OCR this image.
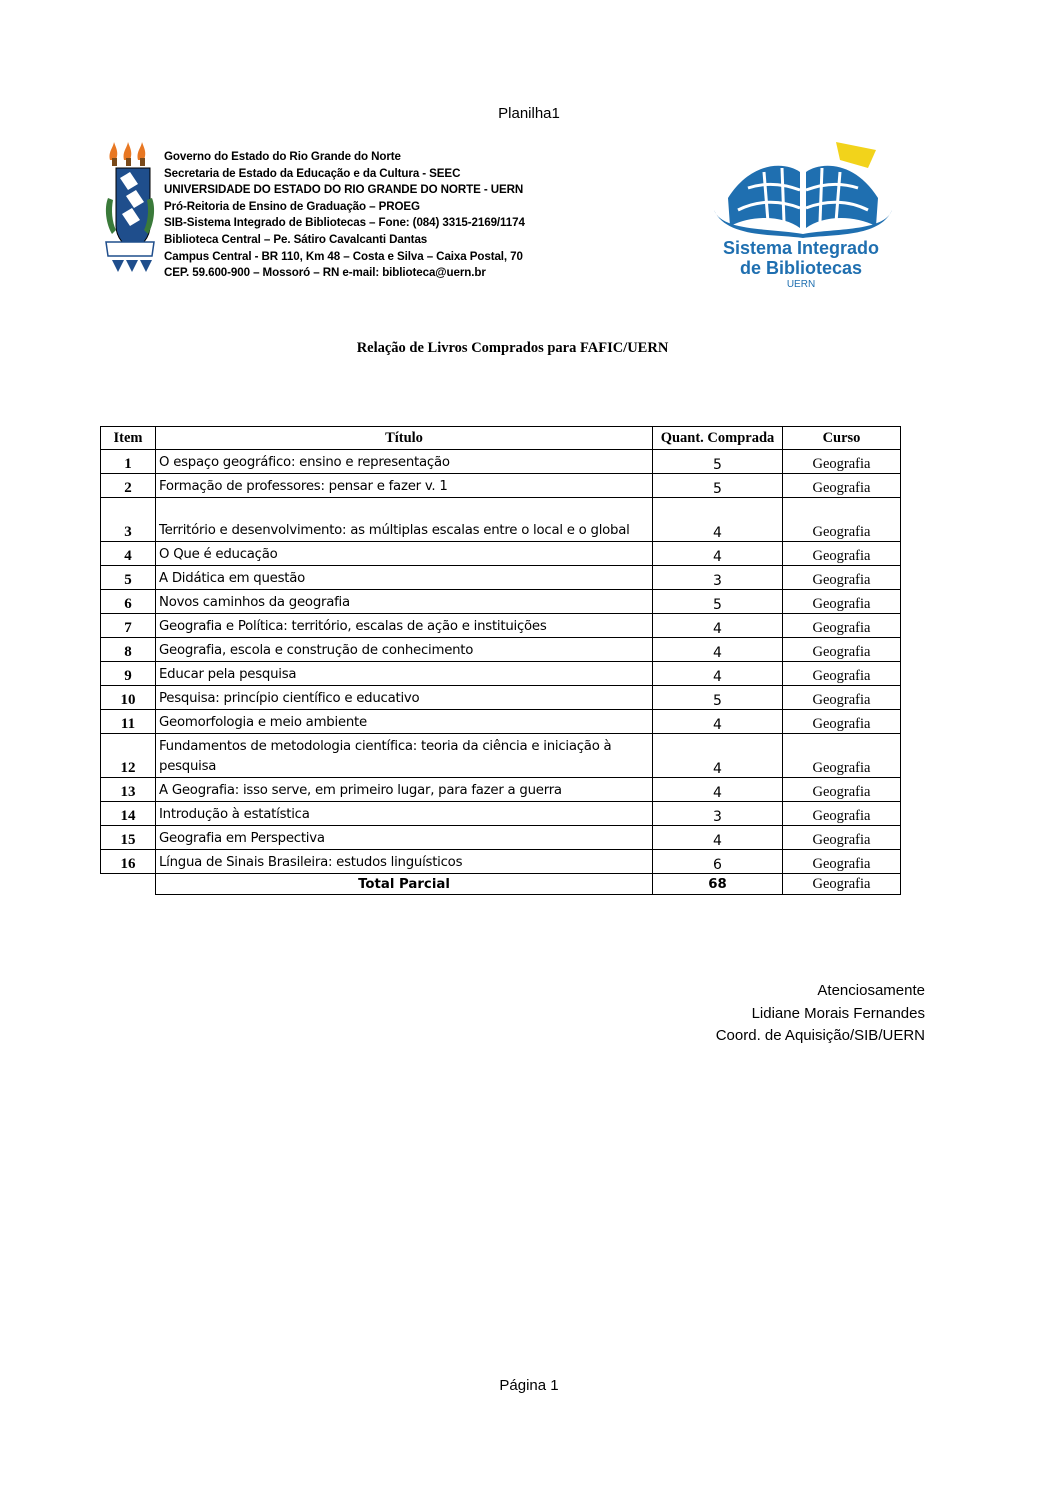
Planilha1
Governo do Estado do Rio Grande do Norte
Secretaria de Estado da Educação e da Cultura - SEEC
UNIVERSIDADE DO ESTADO DO RIO GRANDE DO NORTE - UERN
Pró-Reitoria de Ensino de Graduação – PROEG
SIB-Sistema Integrado de Bibliotecas – Fone: (084) 3315-2169/1174
Biblioteca Central – Pe. Sátiro Cavalcanti Dantas
Campus Central - BR 110, Km 48 – Costa e Silva – Caixa Postal, 70
CEP. 59.600-900 – Mossoró – RN e-mail: biblioteca@uern.br
Sistema Integrado
de Bibliotecas
UERN
Relação de Livros Comprados para FAFIC/UERN
Item	Título	Quant. Comprada	Curso
1	O espaço geográfico: ensino e representação	5	Geografia
2	Formação de professores: pensar e fazer v. 1	5	Geografia
3	Território e desenvolvimento: as múltiplas escalas entre o local e o global	4	Geografia
4	O Que é educação	4	Geografia
5	A Didática em questão	3	Geografia
6	Novos caminhos da geografia	5	Geografia
7	Geografia e Política: território, escalas de ação e instituições	4	Geografia
8	Geografia, escola e construção de conhecimento	4	Geografia
9	Educar pela pesquisa	4	Geografia
10	Pesquisa: princípio científico e educativo	5	Geografia
11	Geomorfologia e meio ambiente	4	Geografia
12	Fundamentos de metodologia científica: teoria da ciência e iniciação à pesquisa	4	Geografia
13	A Geografia: isso serve, em primeiro lugar, para fazer a guerra	4	Geografia
14	Introdução à estatística	3	Geografia
15	Geografia em Perspectiva	4	Geografia
16	Língua de Sinais Brasileira: estudos linguísticos	6	Geografia
	Total Parcial	68	Geografia
Atenciosamente
Lidiane Morais Fernandes
Coord. de Aquisição/SIB/UERN
Página 1
